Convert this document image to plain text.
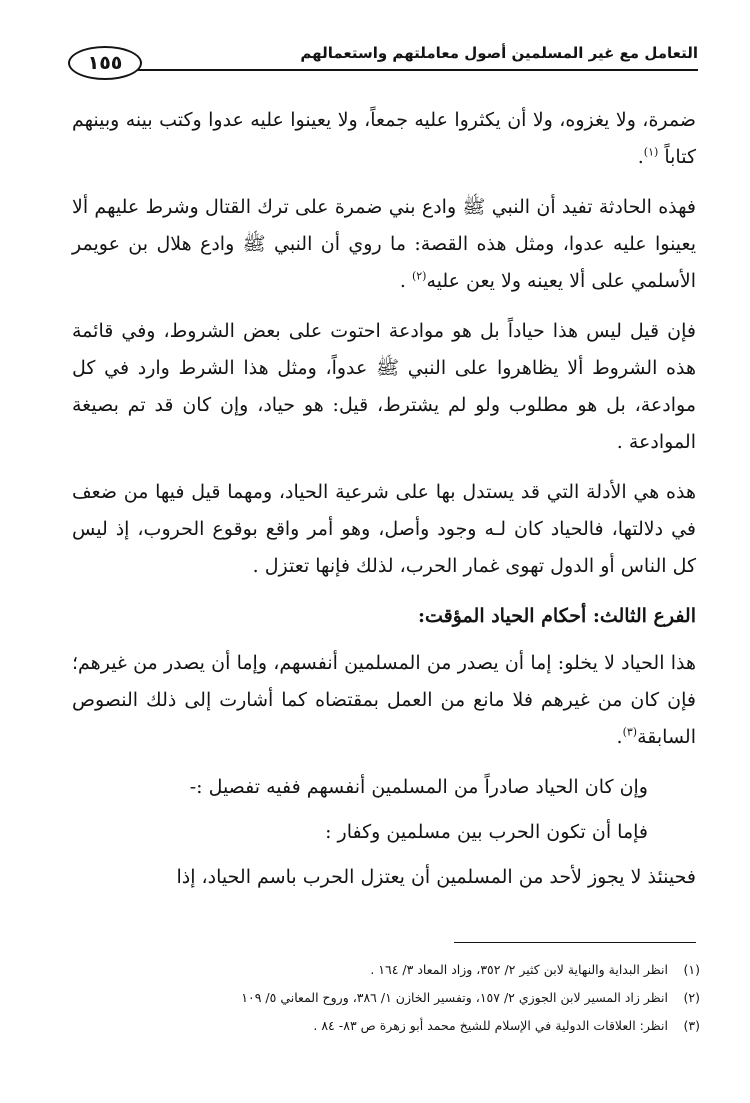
التعامل مع غير المسلمين أصول معاملتهم واستعمالهم
١٥٥

ضمرة، ولا يغزوه، ولا أن يكثروا عليه جمعاً، ولا يعينوا عليه عدوا وكتب بينه وبينهم كتاباً $^{(١)}$.

فهذه الحادثة تفيد أن النبي ﷺ وادع بني ضمرة على ترك القتال وشرط عليهم ألا يعينوا عليه عدوا، ومثل هذه القصة: ما روي أن النبي ﷺ وادع هلال بن عويمر الأسلمي على ألا يعينه ولا يعن عليه$^{(٢)}$ .

فإن قيل ليس هذا حياداً بل هو موادعة احتوت على بعض الشروط، وفي قائمة هذه الشروط ألا يظاهروا على النبي ﷺ عدواً، ومثل هذا الشرط وارد في كل موادعة، بل هو مطلوب ولو لم يشترط، قيل: هو حياد، وإن كان قد تم بصيغة الموادعة .

هذه هي الأدلة التي قد يستدل بها على شرعية الحياد، ومهما قيل فيها من ضعف في دلالتها، فالحياد كان لـه وجود وأصل، وهو أمر واقع بوقوع الحروب، إذ ليس كل الناس أو الدول تهوى غمار الحرب، لذلك فإنها تعتزل .

الفرع الثالث: أحكام الحياد المؤقت:

هذا الحياد لا يخلو: إما أن يصدر من المسلمين أنفسهم، وإما أن يصدر من غيرهم؛ فإن كان من غيرهم فلا مانع من العمل بمقتضاه كما أشارت إلى ذلك النصوص السابقة$^{(٣)}$.

وإن كان الحياد صادراً من المسلمين أنفسهم ففيه تفصيل :-

فإما أن تكون الحرب بين مسلمين وكفار :

فحينئذ لا يجوز لأحد من المسلمين أن يعتزل الحرب باسم الحياد، إذا

(١)
انظر البداية والنهاية لابن كثير ٢/ ٣٥٢، وزاد المعاد ٣/ ١٦٤ .
(٢)
انظر زاد المسير لابن الجوزي ٢/ ١٥٧، وتفسير الخازن ١/ ٣٨٦، وروح المعاني ٥/ ١٠٩
(٣)
انظر: العلاقات الدولية في الإسلام للشيخ محمد أبو زهرة ص ٨٣- ٨٤ .
